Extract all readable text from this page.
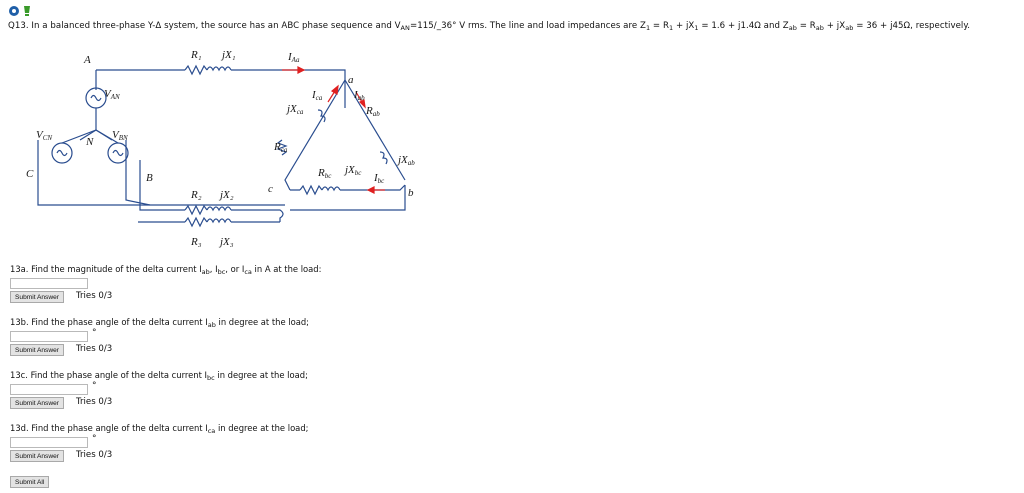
Q13. In a balanced three-phase Y-Δ system, the source has an ABC phase sequence and $V_{AN}=115/\_36^\circ$ V rms. The line and load impedances are $Z_1 = R_1 + jX_1 = 1.6 + j1.4\Omega$ and $Z_{ab} = R_{ab} + jX_{ab} = 36 + j45\Omega$, respectively.
A
C	B
N
a
b
c
R₁ jX₁
R₂ jX₂
R₃ jX₃
IAa
VAN
VCN	VBN
Ica	Iab
Ibc
jXca	Rab
Rca
jXab
Rbc jXbc
13a. Find the magnitude of the delta current $I_{ab}$, $I_{bc}$, or $I_{ca}$ in A at the load:
Submit Answer	Tries 0/3
13b. Find the phase angle of the delta current $I_{ab}$ in degree at the load;
°
Submit Answer	Tries 0/3
13c. Find the phase angle of the delta current $I_{bc}$ in degree at the load;
°
Submit Answer	Tries 0/3
13d. Find the phase angle of the delta current $I_{ca}$ in degree at the load;
°
Submit Answer	Tries 0/3
Submit All
